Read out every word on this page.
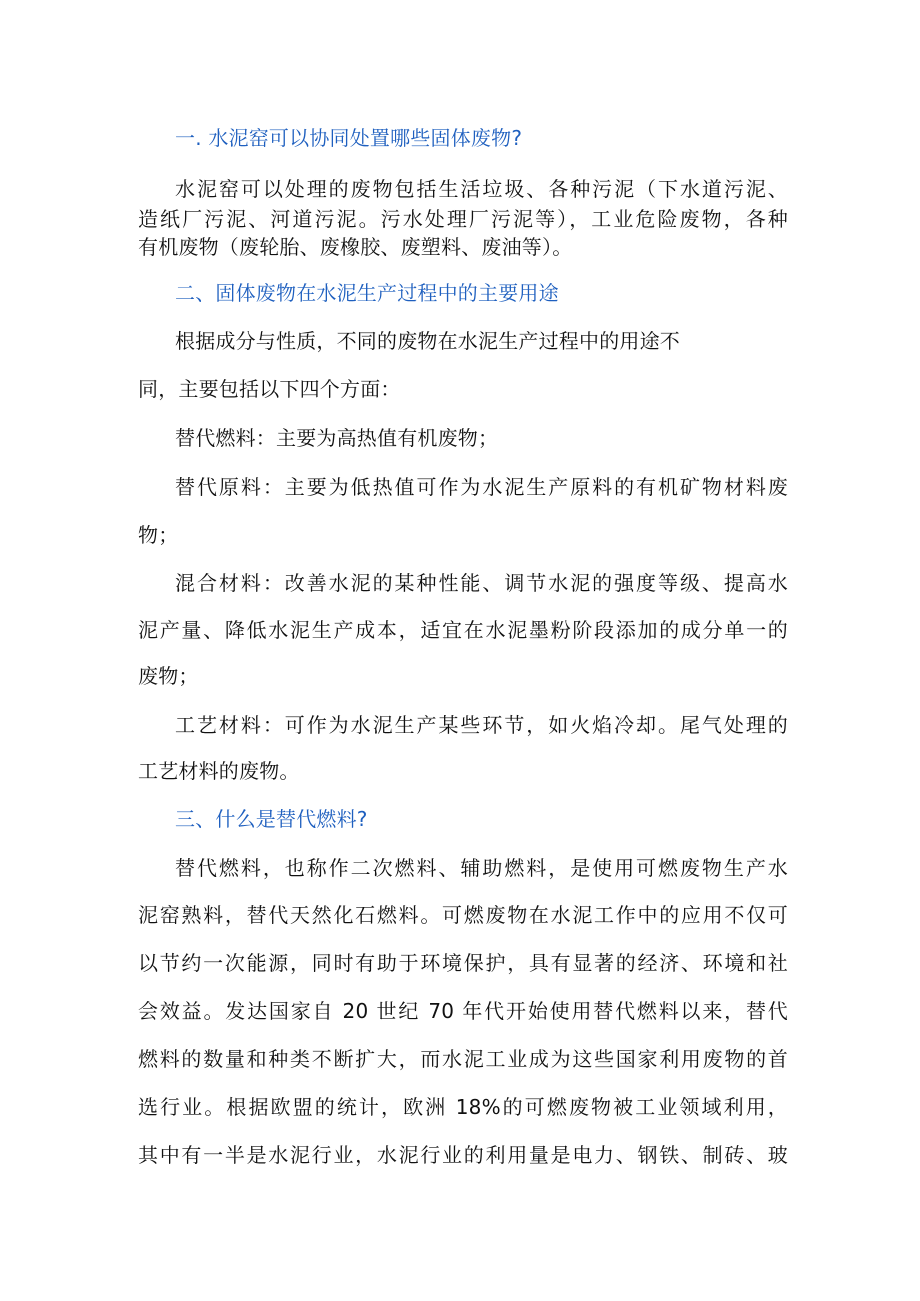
一. 水泥窑可以协同处置哪些固体废物?
水泥窑可以处理的废物包括生活垃圾、各种污泥（下水道污泥、
造纸厂污泥、河道污泥。污水处理厂污泥等），工业危险废物，各种
有机废物（废轮胎、废橡胶、废塑料、废油等）。
二、固体废物在水泥生产过程中的主要用途
根据成分与性质，不同的废物在水泥生产过程中的用途不
同，主要包括以下四个方面：
替代燃料：主要为高热值有机废物；
替代原料：主要为低热值可作为水泥生产原料的有机矿物材料废
物；
混合材料：改善水泥的某种性能、调节水泥的强度等级、提高水
泥产量、降低水泥生产成本，适宜在水泥墨粉阶段添加的成分单一的
废物；
工艺材料：可作为水泥生产某些环节，如火焰冷却。尾气处理的
工艺材料的废物。
三、什么是替代燃料?
替代燃料，也称作二次燃料、辅助燃料，是使用可燃废物生产水
泥窑熟料，替代天然化石燃料。可燃废物在水泥工作中的应用不仅可
以节约一次能源，同时有助于环境保护，具有显著的经济、环境和社
会效益。发达国家自 20 世纪 70 年代开始使用替代燃料以来，替代
燃料的数量和种类不断扩大，而水泥工业成为这些国家利用废物的首
选行业。根据欧盟的统计，欧洲 18%的可燃废物被工业领域利用，
其中有一半是水泥行业，水泥行业的利用量是电力、钢铁、制砖、玻
